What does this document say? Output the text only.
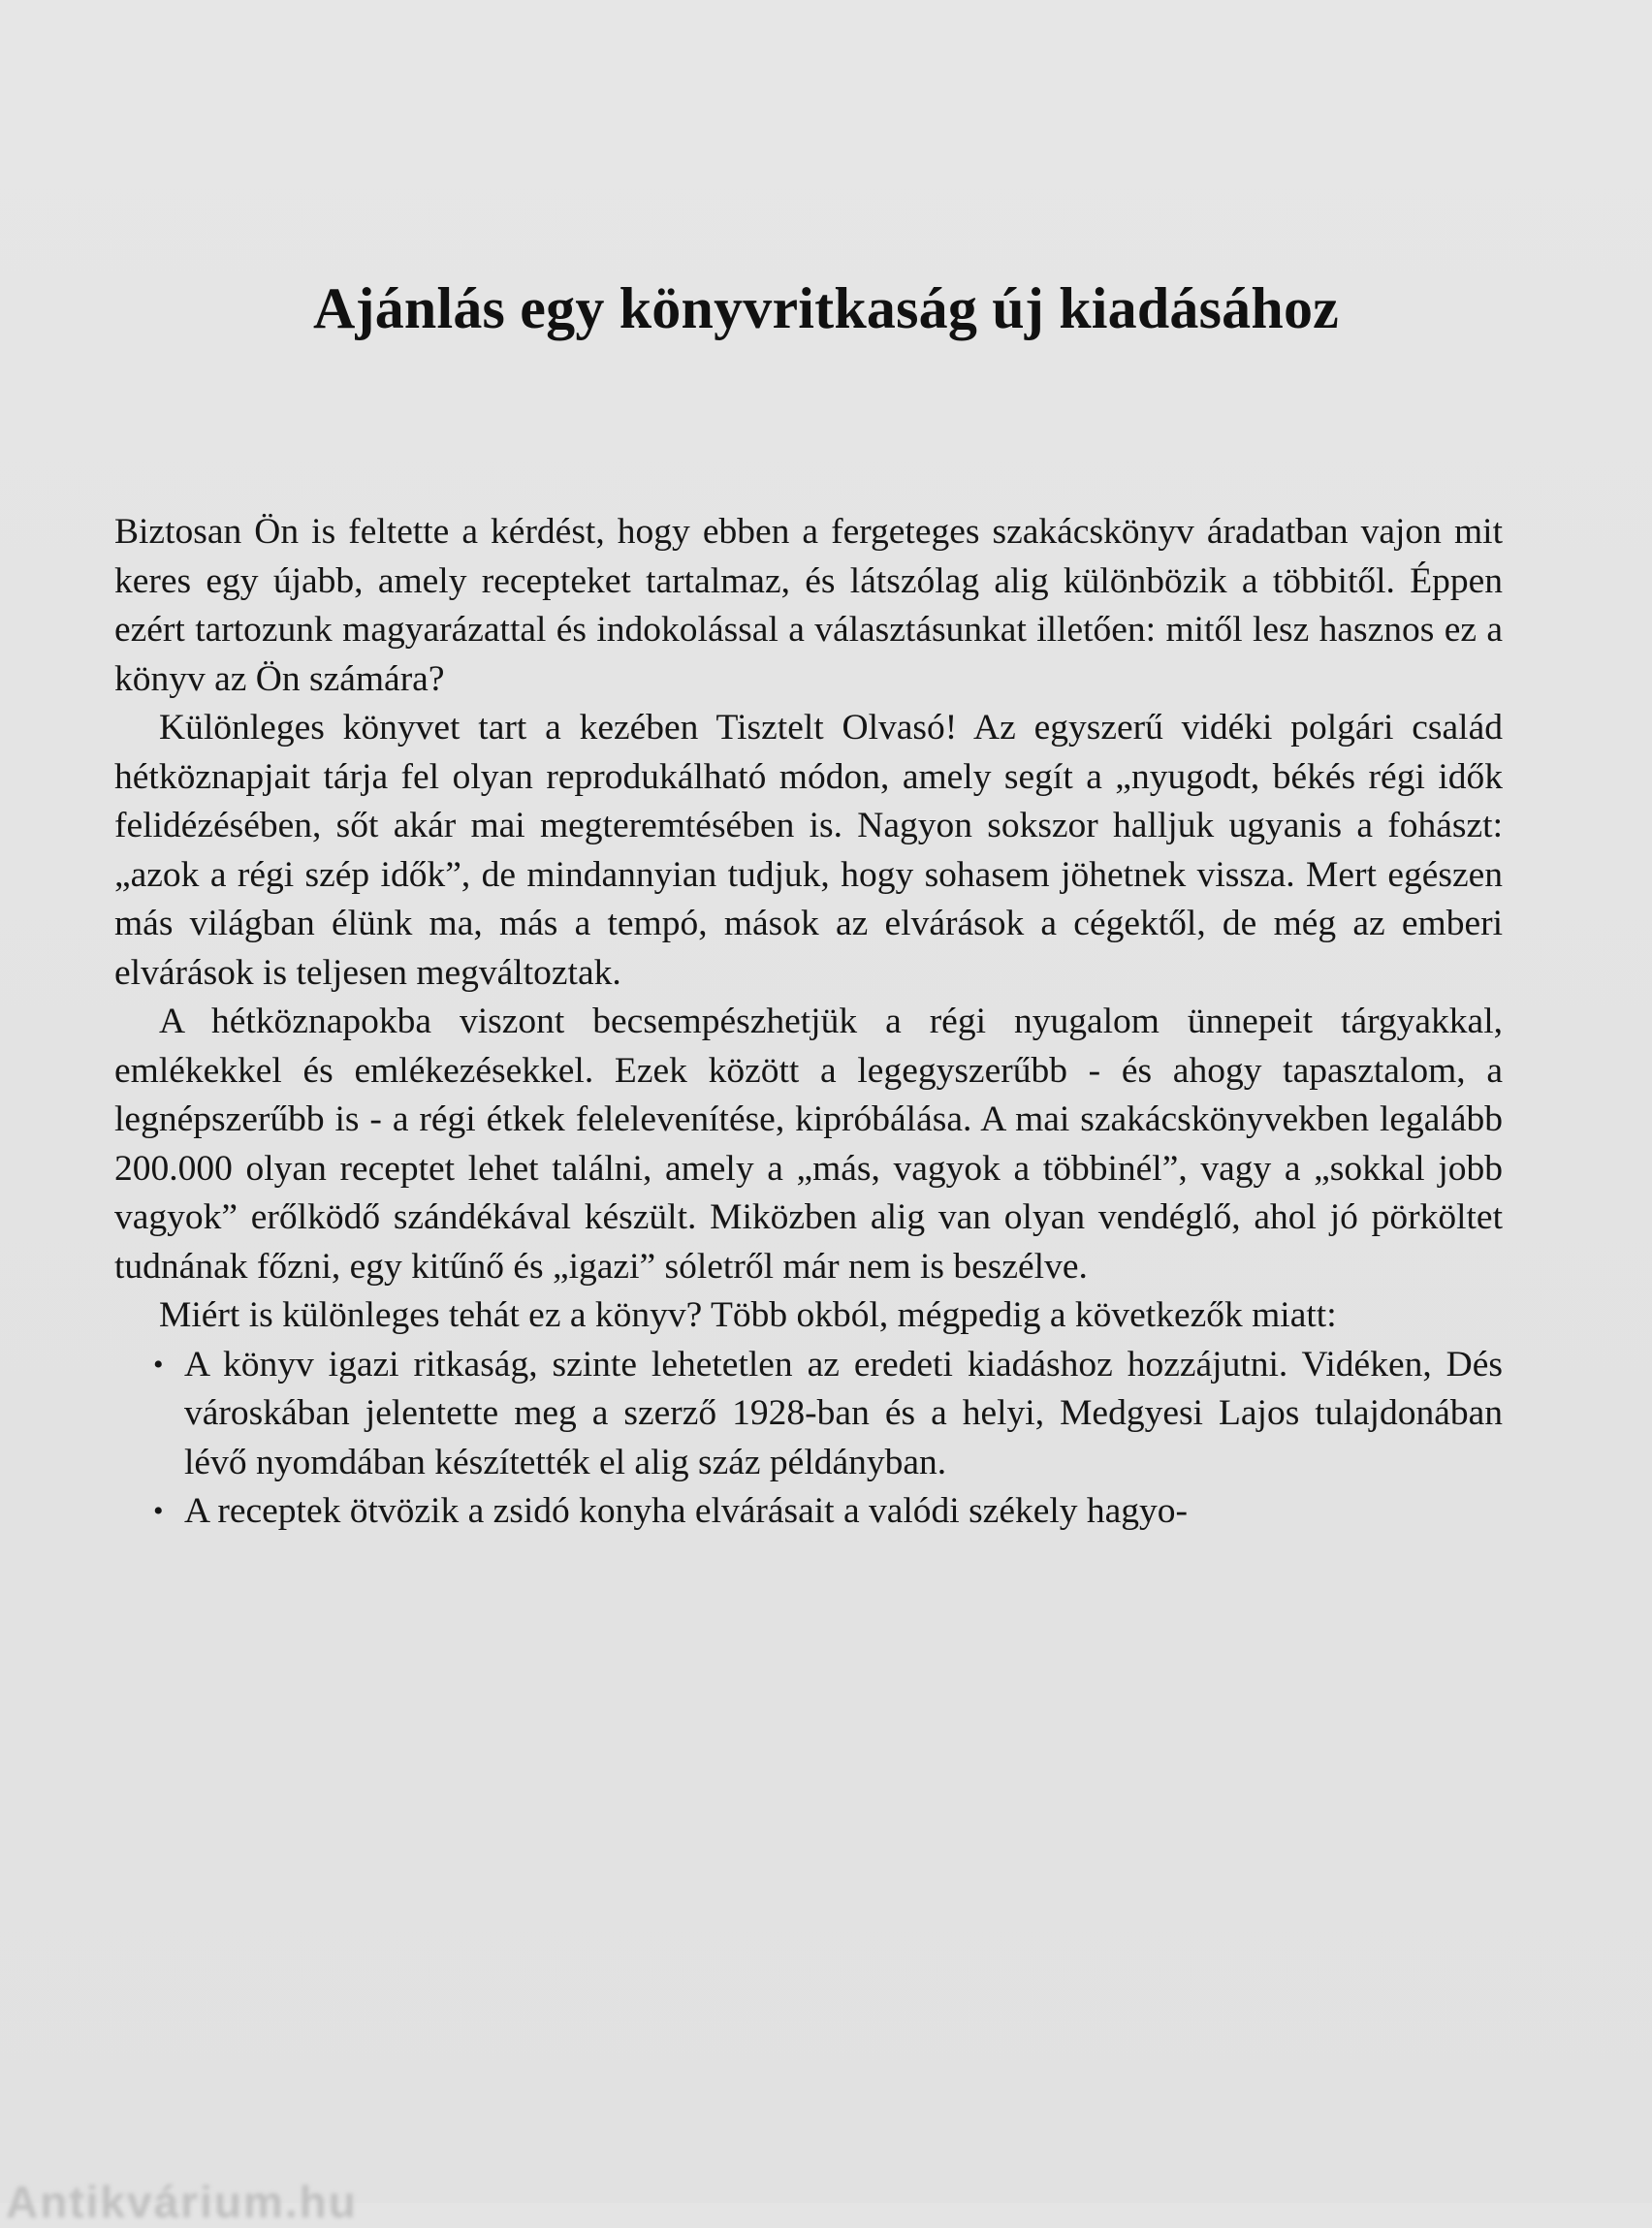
Ajánlás egy könyvritkaság új kiadásához

Biztosan Ön is feltette a kérdést, hogy ebben a fergeteges szakácskönyv áradatban vajon mit keres egy újabb, amely recepteket tartalmaz, és látszólag alig különbözik a többitől. Éppen ezért tartozunk magyarázattal és indokolással a választásunkat illetően: mitől lesz hasznos ez a könyv az Ön számára?

Különleges könyvet tart a kezében Tisztelt Olvasó! Az egyszerű vidéki polgári család hétköznapjait tárja fel olyan reprodukálható módon, amely segít a „nyugodt, békés régi idők felidézésében, sőt akár mai megteremtésében is. Nagyon sokszor halljuk ugyanis a fohászt: „azok a régi szép idők”, de mindannyian tudjuk, hogy sohasem jöhetnek vissza. Mert egészen más világban élünk ma, más a tempó, mások az elvárások a cégektől, de még az emberi elvárások is teljesen megváltoztak.

A hétköznapokba viszont becsempészhetjük a régi nyugalom ünnepeit tárgyakkal, emlékekkel és emlékezésekkel. Ezek között a legegyszerűbb - és ahogy tapasztalom, a legnépszerűbb is - a régi étkek felelevenítése, kipróbálása. A mai szakácskönyvekben legalább 200.000 olyan receptet lehet találni, amely a „más, vagyok a többinél”, vagy a „sokkal jobb vagyok” erőlködő szándékával készült. Miközben alig van olyan vendéglő, ahol jó pörköltet tudnának főzni, egy kitűnő és „igazi” sóletről már nem is beszélve.

Miért is különleges tehát ez a könyv? Több okból, mégpedig a következők miatt:

• A könyv igazi ritkaság, szinte lehetetlen az eredeti kiadáshoz hozzájutni. Vidéken, Dés városkában jelentette meg a szerző 1928-ban és a helyi, Medgyesi Lajos tulajdonában lévő nyomdában készítették el alig száz példányban.
• A receptek ötvözik a zsidó konyha elvárásait a valódi székely hagyo-
Antikvárium.hu
